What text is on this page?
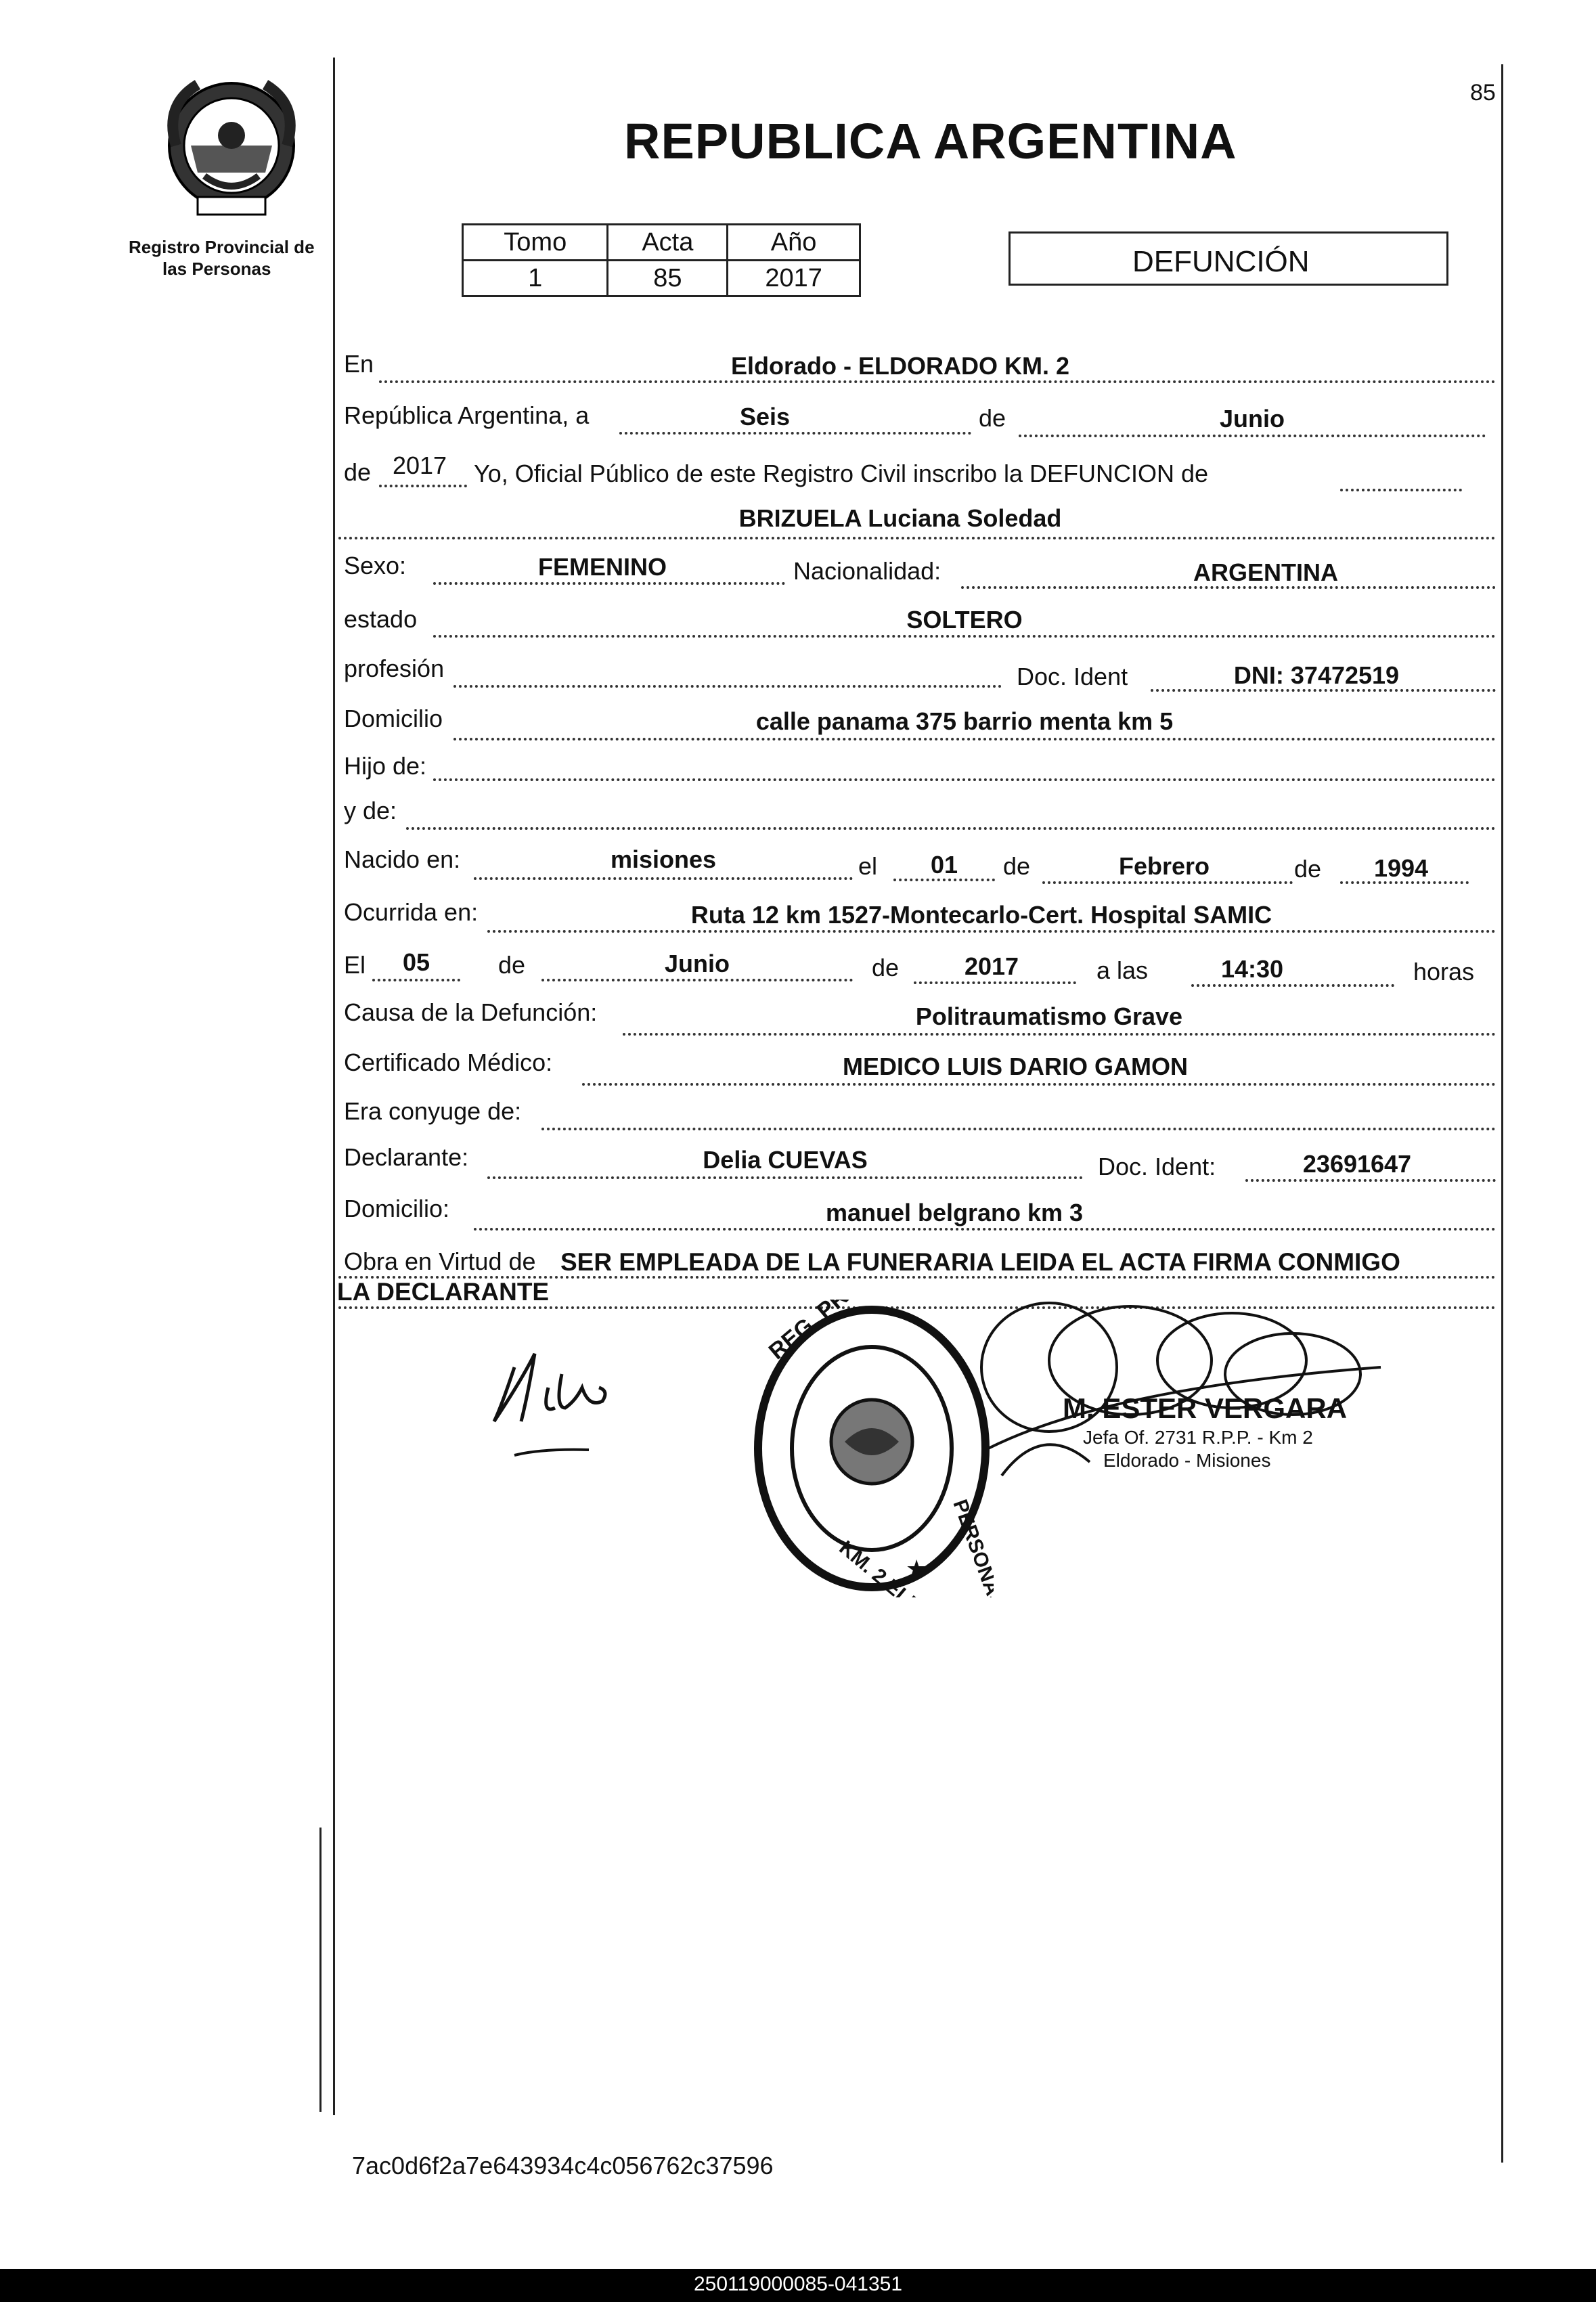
85
Registro Provincial de
las Personas
REPUBLICA ARGENTINA
Tomo	Acta	Año
1	85	2017	DEFUNCIÓN
En	Eldorado - ELDORADO KM. 2
República Argentina, a	Seis	de	Junio
de 2017	Yo, Oficial Público de este Registro Civil inscribo la DEFUNCION de
BRIZUELA Luciana Soledad
Sexo:	FEMENINO	Nacionalidad:	ARGENTINA
estado	SOLTERO
profesión	Doc. Ident	DNI: 37472519
Domicilio	calle panama 375 barrio menta km 5
Hijo de:
y de:
Nacido en:	misiones	el	01	de	Febrero	de	1994
Ocurrida en:	Ruta 12 km 1527-Montecarlo-Cert. Hospital SAMIC
El	05	de	Junio	de	2017	a las	14:30	horas
Causa de la Defunción:	Politraumatismo Grave
Certificado Médico:	MEDICO LUIS DARIO GAMON
Era conyuge de:
Declarante:	Delia CUEVAS	Doc. Ident:	23691647
Domicilio:	manuel belgrano km 3
Obra en Virtud de SER EMPLEADA DE LA FUNERARIA LEIDA EL ACTA FIRMA CONMIGO
LA DECLARANTE	REG. PROV.
PERSONAS
★
REGISTRO PROVINCIAL DE LAS PERSONAS DELEGACION KM. 2 ELDORADO
M. ESTER VERGARA
Jefa Of. 2731 R.P.P. - Km 2
Eldorado - Misiones
7ac0d6f2a7e643934c4c056762c37596
250119000085-041351
